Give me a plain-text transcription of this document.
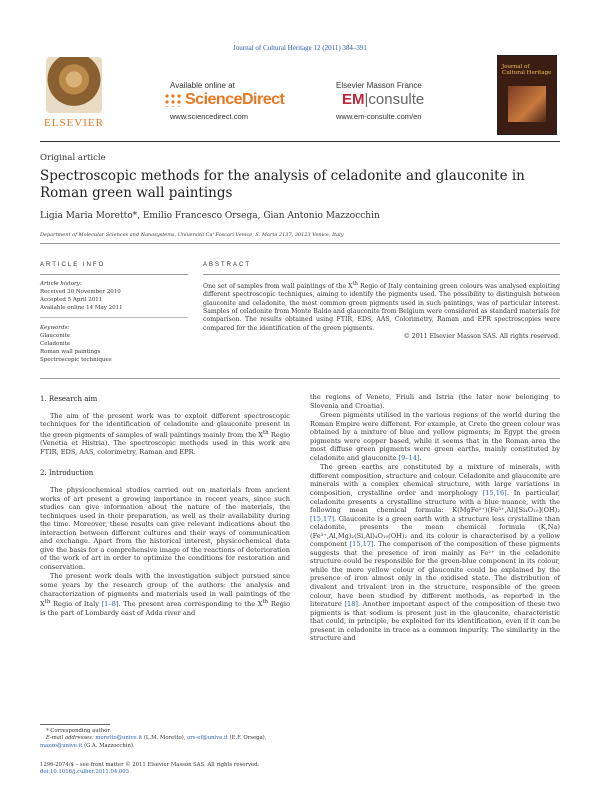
Journal of Cultural Heritage 12 (2011) 384–391
ELSEVIER
Available online at
ScienceDirect
www.sciencedirect.com
Elsevier Masson France
EM|consulte
www.em-consulte.com/en
Journal of Cultural Heritage
Original article
Spectroscopic methods for the analysis of celadonite and glauconite in Roman green wall paintings
Ligia Maria Moretto*, Emilio Francesco Orsega, Gian Antonio Mazzocchin
Department of Molecular Sciences and Nanosystems, Università Ca' Foscari Venice, S. Marta 2137, 30123 Venice, Italy
ARTICLE INFO	ABSTRACT
Article history:
Received 30 November 2010
Accepted 5 April 2011
Available online 14 May 2011
Keywords:
Glauconite
Celadonite
Roman wall paintings
Spectroscopic techniques
One set of samples from wall paintings of the Xth Regio of Italy containing green colours was analysed exploiting different spectroscopic techniques, aiming to identify the pigments used. The possibility to distinguish between glauconite and celadonite, the most common green pigments used in such paintings, was of particular interest. Samples of celadonite from Monte Baldo and glauconite from Belgium were considered as standard materials for comparison. The results obtained using FTIR, EDS, AAS, Colorimetry, Raman and EPR spectroscopies were compared for the identification of the green pigments.
© 2011 Elsevier Masson SAS. All rights reserved.
1. Research aim

The aim of the present work was to exploit different spectroscopic techniques for the identification of celadonite and glauconite present in the green pigments of samples of wall paintings mainly from the Xth Regio (Venetia et Histria). The spectroscopic methods used in this work are FTIR, EDS, AAS, colorimetry, Raman and EPR.

2. Introduction

The physicochemical studies carried out on materials from ancient works of art present a growing importance in recent years, since such studies can give information about the nature of the materials, the techniques used in their preparation, as well as their availability during the time. Moreover, these results can give relevant indications about the interaction between different cultures and their ways of communication and exchange. Apart from the historical interest, physicochemical data give the basis for a comprehensive image of the reactions of deterioration of the work of art in order to optimize the conditions for restoration and conservation.

The present work deals with the investigation subject pursued since some years by the research group of the authors: the analysis and characterization of pigments and materials used in wall paintings of the Xth Regio of Italy [1–8]. The present area corresponding to the Xth Regio is the part of Lombardy east of Adda river and

the regions of Veneto, Friuli and Istria (the later now belonging to Slovenia and Croatia).

Green pigments utilised in the various regions of the world during the Roman Empire were different. For example, at Crete the green colour was obtained by a mixture of blue and yellow pigments; in Egypt the green pigments were copper based, while it seems that in the Roman area the most diffuse green pigments were green earths, mainly constituted by celadonite and glauconite [9–14].

The green earths are constituted by a mixture of minerals, with different composition, structure and colour. Celadonite and glauconite are minerals with a complex chemical structure, with large variations in composition, crystalline order and morphology [15,16]. In particular, celadonite presents a crystalline structure with a blue nuance, with the following mean chemical formula: K(MgFe²⁺)(Fe³⁺,Al)[Si₄O₁₀](OH)₂ [15,17]. Glauconite is a green earth with a structure less crystalline than celadonite, presents the mean chemical formula (K,Na)(Fe³⁺,Al,Mg)₂(Si,Al)₄O₁₀(OH)₂ and its colour is characterised by a yellow component [15,17]. The comparison of the composition of these pigments suggests that the presence of iron mainly as Fe²⁺ in the celadonite structure could be responsible for the green-blue component in its colour, while the more yellow colour of glauconite could be explained by the presence of iron almost only in the oxidised state. The distribution of divalent and trivalent iron in the structure, responsible of the green colour, have been studied by different methods, as reported in the literature [18]. Another important aspect of the composition of these two pigments is that sodium is present just in the glauconite, characteristic that could, in principle, be exploited for its identification, even if it can be present in celadonite in trace as a common impurity. The similarity in the structure and

* Corresponding author.
E-mail addresses: moretto@unive.it (L.M. Moretto), ors-ef@unive.it (E.F. Orsega),
mazzo@unive.it (G.A. Mazzocchin).
1296-2074/$ – see front matter © 2011 Elsevier Masson SAS. All rights reserved.
doi:10.1016/j.culher.2011.04.003
